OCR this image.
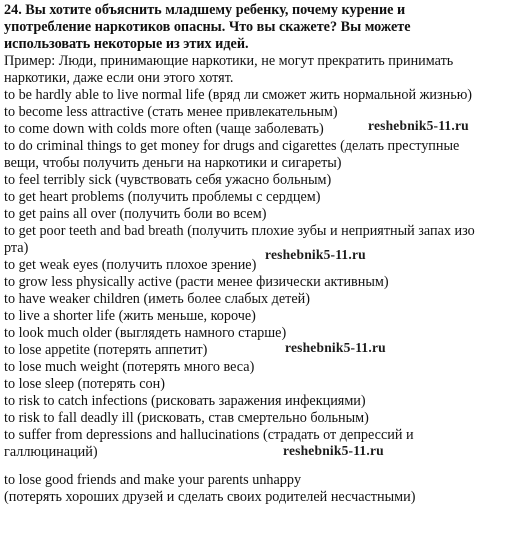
24. Вы хотите объяснить младшему ребенку, почему курение и
употребление наркотиков опасны. Что вы скажете? Вы можете
использовать некоторые из этих идей.
Пример: Люди, принимающие наркотики, не могут прекратить принимать
наркотики, даже если они этого хотят.
to be hardly able to live normal life (вряд ли сможет жить нормальной жизнью)
to become less attractive (стать менее привлекательным)
to come down with colds more often (чаще заболевать)
to do criminal things to get money for drugs and cigarettes (делать преступные
вещи, чтобы получить деньги на наркотики и сигареты)
to feel terribly sick (чувствовать себя ужасно больным)
to get heart problems (получить проблемы с сердцем)
to get pains all over (получить боли во всем)
to get poor teeth and bad breath (получить плохие зубы и неприятный запах изо
рта)
to get weak eyes (получить плохое зрение)
to grow less physically active (расти менее физически активным)
to have weaker children (иметь более слабых детей)
to live a shorter life (жить меньше, короче)
to look much older (выглядеть намного старше)
to lose appetite (потерять аппетит)
to lose much weight (потерять много веса)
to lose sleep (потерять сон)
to risk to catch infections (рисковать заражения инфекциями)
to risk to fall deadly ill (рисковать, став смертельно больным)
to suffer from depressions and hallucinations (страдать от депрессий и
галлюцинаций)
to lose good friends and make your parents unhappy
(потерять хороших друзей и сделать своих родителей несчастными)
reshebnik5-11.ru
reshebnik5-11.ru
reshebnik5-11.ru
reshebnik5-11.ru
